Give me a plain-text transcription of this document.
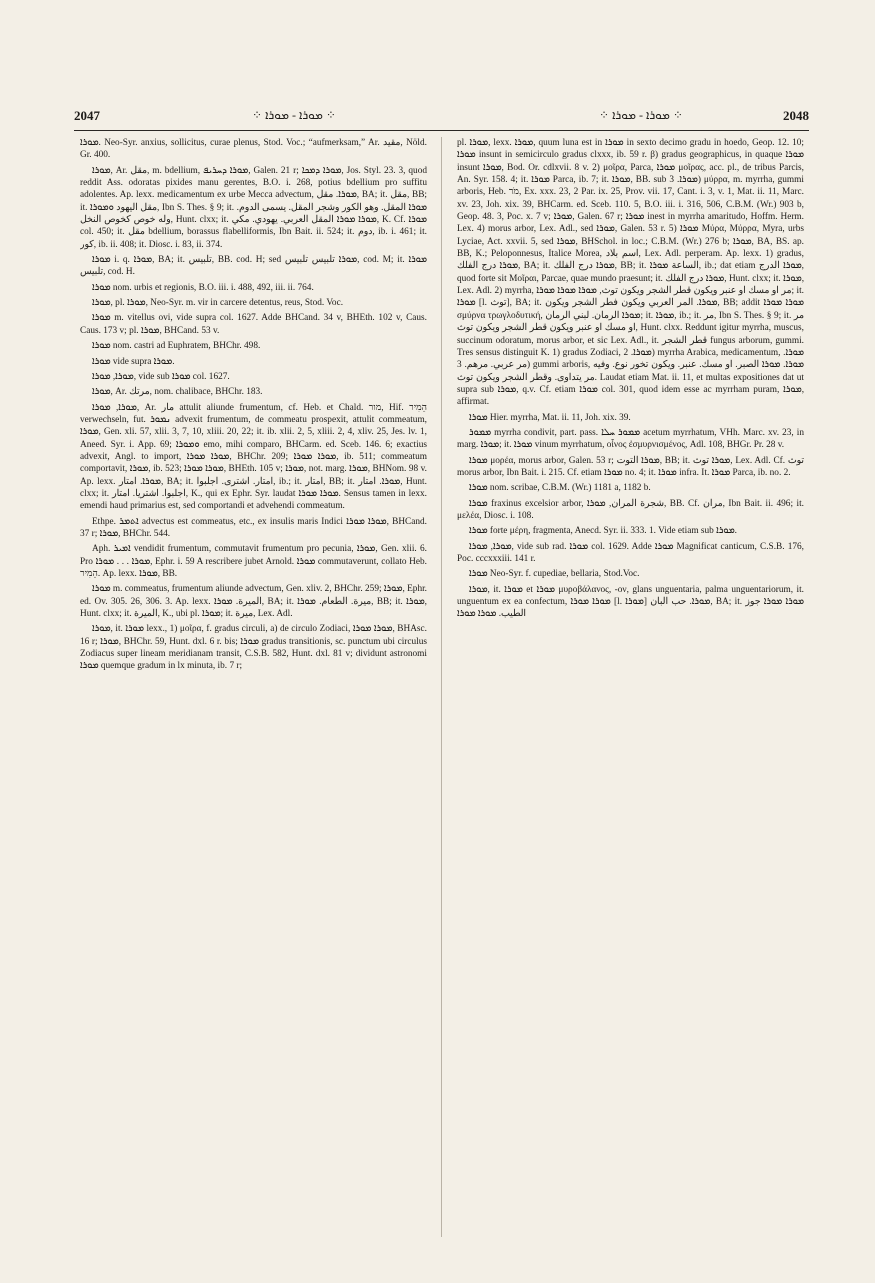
2047	⁘ ܡܘܪܐ - ܡܘܪܐ ⁘	⁘ ܡܘܪܐ - ܡܘܪܐ ⁘	2048

ܡܘܪܐ. Neo-Syr. anxius, sollicitus, curae plenus, Stod. Voc.; “aufmerksam,” Ar. مقيد, Nöld. Gr. 400.

ܡܘܪܐ, Ar. مقل, m. bdellium, ܡܘܪܐ ܕܚܪܝܦ, Galen. 21 r; ܡܘܪܐ ܕܡܟܐ, Jos. Styl. 23. 3, quod reddit Ass. odoratas pixides manu gerentes, B.O. i. 268, potius bdellium pro suffitu adolentes. Ap. lexx. medicamentum ex urbe Mecca advectum, ܡܘܪܐ. مقل, BA; it. مقل, BB; it. مقل اليهود ܘܡܘܪܐ, Ibn S. Thes. § 9; it. ܡܘܪܐ المقل. وهو الكور وشجر المقل. يسمى الدوم. وله خوص كخوص النخل, Hunt. clxx; it. ܡܘܪܐ ܡܘܪܐ المقل العربي. يهودي. مكي, K. Cf. ܡܘܪܐ col. 450; it. مقل bdellium, borassus flabelliformis, Ibn Bait. ii. 524; it. دوم, ib. i. 461; it. كور, ib. ii. 408; it. Diosc. i. 83, ii. 374.

ܡܘܪܐ i. q. ܡܘܪܐ, BA; it. تلبيس, BB. cod. H; sed ܡܘܪܐ تلبيس تلبيس, cod. M; it. ܡܘܪܐ تلبيس, cod. H.

ܡܘܪܐ nom. urbis et regionis, B.O. iii. i. 488, 492, iii. ii. 764.

ܡܘܪܐ, pl. ܡܘܪܐ, Neo-Syr. m. vir in carcere detentus, reus, Stod. Voc.

ܡܘܪܐ m. vitellus ovi, vide supra col. 1627. Adde BHCand. 34 v, BHEth. 102 v, Caus. Caus. 173 v; pl. ܡܘܪܐ, BHCand. 53 v.

ܡܘܪܐ nom. castri ad Euphratem, BHChr. 498.

ܡܘܪܐ vide supra ܡܘܪܐ.

ܡܘܪܐ, ܡܘܪܐ, vide sub ܡܘܪܐ col. 1627.

ܡܘܪܐ, Ar. مرتك, nom. chalibace, BHChr. 183.

ܡܘܪܐ, ܡܘܪܐ, Ar. مار attulit aliunde frumentum, cf. Heb. et Chald. מור, Hif. הֵמִיר verwechseln, fut. ܢܡܘܪ advexit frumentum, de commeatu prospexit, attulit commeatum, ܡܘܪܐ, Gen. xli. 57, xlii. 3, 7, 10, xliii. 20, 22; it. ib. xlii. 2, 5, xliii. 2, 4, xliv. 25, Jes. lv. 1, Aneed. Syr. i. App. 69; ܘܡܘܪܐ emo, mihi comparo, BHCarm. ed. Sceb. 146. 6; exactius advexit, Angl. to import, ܡܘܪܐ ܡܘܪܐ, BHChr. 209; ܡܘܪܐ ܡܘܪܐ, ib. 511; commeatum comportavit, ܡܘܪܐ, ib. 523; ܡܘܪܐ ܡܘܪܐ, BHEth. 105 v; ܡܘܪܐ, not. marg. ܡܘܪܐ, BHNom. 98 v. Ap. lexx. ܡܘܪܐ. امتار, BA; it. امتار. اشتری. اجلبوا, ib.; it. امتار, BB; it. ܡܘܪܐ. امتار, Hunt. clxx; it. اجلبوا. اشتريا. امتار, K., qui ex Ephr. Syr. laudat ܡܘܪܐ ܡܘܪܐ. Sensus tamen in lexx. emendi haud primarius est, sed comportandi et advehendi commeatum.

Ethpe. ܐܬܡܪ advectus est commeatus, etc., ex insulis maris Indici ܡܘܪܐ ܡܘܪܐ, BHCand. 37 r; ܡܘܪܐ, BHChr. 544.

Aph. ܐܡܝܪ vendidit frumentum, commutavit frumentum pro pecunia, ܡܘܪܐ, Gen. xlii. 6. Pro ܡܘܪܐ . . . ܡܘܪܐ, Ephr. i. 59 A rescribere jubet Arnold. ܡܘܪܐ commutaverunt, collato Heb. הֵמִיר. Ap. lexx. ܡܘܪܐ, BB.

ܡܘܪܐ m. commeatus, frumentum aliunde advectum, Gen. xliv. 2, BHChr. 259; ܡܘܪܐ, Ephr. ed. Ov. 305. 26, 306. 3. Ap. lexx. الميرة. ܡܘܪܐ, BA; it. ميرة. الطعام. ܡܘܪܐ, BB; it. ܡܘܪܐ, Hunt. clxx; it. الميرة, K., ubi pl. ܡܘܪܐ; it. ميرة, Lex. Adl.

ܡܘܪܐ, it. ܡܘܪܐ lexx., 1) μοῖρα, f. gradus circuli, a) de circulo Zodiaci, ܡܘܪܐ ܡܘܪܐ, BHAsc. 16 r; ܡܘܪܐ, BHChr. 59, Hunt. dxl. 6 r. bis; ܡܘܪܐ gradus transitionis, sc. punctum ubi circulus Zodiacus super lineam meridianam transit, C.S.B. 582, Hunt. dxl. 81 v; dividunt astronomi ܡܘܪܐ quemque gradum in lx minuta, ib. 7 r;

pl. ܡܘܪܐ, lexx. ܡܘܪܐ, quum luna est in ܡܘܪܐ in sexto decimo gradu in hoedo, Geop. 12. 10; ܡܘܪܐ insunt in semicirculo gradus clxxx, ib. 59 r. β) gradus geographicus, in quaque ܡܘܪܐ insunt ܡܘܪܐ, Bod. Or. cdlxvii. 8 v. 2) μοῖρα, Parca, ܡܘܪܐ μοῖρας, acc. pl., de tribus Parcis, An. Syr. 158. 4; it. ܡܘܪܐ Parca, ib. 7; it. ܡܘܪܐ, BB. sub ܡܘܪܐ. 3) μύρρα, m. myrrha, gummi arboris, Heb. מֹר, Ex. xxx. 23, 2 Par. ix. 25, Prov. vii. 17, Cant. i. 3, v. 1, Mat. ii. 11, Marc. xv. 23, Joh. xix. 39, BHCarm. ed. Sceb. 110. 5, B.O. iii. i. 316, 506, C.B.M. (Wr.) 903 b, Geop. 48. 3, Poc. x. 7 v; ܡܘܪܐ, Galen. 67 r; ܡܘܪܐ inest in myrrha amaritudo, Hoffm. Herm. Lex. 4) morus arbor, Lex. Adl., sed ܡܘܪܐ, Galen. 53 r. 5) ܡܘܪܐ Μύρα, Μύρρα, Myra, urbs Lyciae, Act. xxvii. 5, sed ܡܘܪܐ, BHSchol. in loc.; C.B.M. (Wr.) 276 b; ܡܘܪܐ, BA, BS. ap. BB, K.; Peloponnesus, Italice Morea, اسم بلاد, Lex. Adl. perperam. Ap. lexx. 1) gradus, ܡܘܪܐ درج الفلك, BA; it. ܡܘܪܐ درج الفلك, BB; it. الساعة ܡܘܪܐ, ib.; dat etiam ܡܘܪܐ الدرج, quod forte sit Μοῖραι, Parcae, quae mundo praesunt; it. ܡܘܪܐ درج الفلك, Hunt. clxx; it. ܡܘܪܐ, Lex. Adl. 2) myrrha, مر او مسك او عنبر ويكون قطر الشجر ويكون توث, ܡܘܪܐ ܡܘܪܐ ܡܘܪܐ; it. ܡܘܪܐ [l. توث], BA; it. ܡܘܪܐ. المر العربي ويكون فطر الشجر ويكون, BB; addit ܡܘܪܐ ܡܘܪܐ σμύρνα τρωγλοδυτική, ܡܘܪܐ الرمان. لبني الرمان; it. ܡܘܪܐ, ib.; it. مر, Ibn S. Thes. § 9; it. مر او مسك او عنبر ويكون قطر الشجر ويكون توث, Hunt. clxx. Reddunt igitur myrrha, muscus, succinum odoratum, morus arbor, et sic Lex. Adl., it. قطر الشجر fungus arborum, gummi. Tres sensus distinguit K. 1) gradus Zodiaci, ܡܘܪܐ. 2) myrrha Arabica, medicamentum, ܡܘܪܐ. مر عربي. مرهم. 3) gummi arboris, ܡܘܪܐ. ܡܘܪܐ الصبر. او مسك. عنبر. ويكون تخور نوع. وفيه مر يتداوى. وقطر الشجر ويكون توث. Laudat etiam Mat. ii. 11, et multas expositiones dat ut supra sub ܡܘܪܐ, q.v. Cf. etiam ܡܘܪܐ col. 301, quod idem esse ac myrrham puram, ܡܘܪܐ, affirmat.

ܡܘܪܐ Hier. myrrha, Mat. ii. 11, Joh. xix. 39.

ܡܡܘܪ myrrha condivit, part. pass. ܡܡܘܪ ܚܠܐ acetum myrrhatum, VHh. Marc. xv. 23, in marg. ܡܘܪܐ; it. ܡܘܪܐ vinum myrrhatum, οἶνος ἐσμυρνισμένος, Adl. 108, BHGr. Pr. 28 v.

ܡܘܪܐ μορέα, morus arbor, Galen. 53 r; ܡܘܪܐ التوت, BB; it. ܡܘܪܐ توث, Lex. Adl. Cf. توث morus arbor, Ibn Bait. i. 215. Cf. etiam ܡܘܪܐ no. 4; it. ܡܘܪܐ infra. It. ܡܘܪܐ Parca, ib. no. 2.

ܡܘܪܐ nom. scribae, C.B.M. (Wr.) 1181 a, 1182 b.

ܡܘܪܐ fraxinus excelsior arbor, شجرة المران, ܡܘܪܐ, BB. Cf. مران, Ibn Bait. ii. 496; it. μελέα, Diosc. i. 108.

ܡܘܪܐ forte μέρη, fragmenta, Anecd. Syr. ii. 333. 1. Vide etiam sub ܡܘܪܐ.

ܡܘܪܐ, ܡܘܪܐ, vide sub rad. ܡܘܪܐ col. 1629. Adde ܡܘܪܐ Magnificat canticum, C.S.B. 176, Poc. cccxxxiii. 141 r.

ܡܘܪܐ Neo-Syr. f. cupediae, bellaria, Stod.Voc.

ܡܘܪܐ, it. ܡܘܪܐ et ܡܘܪܐ μυροβάλανος, -ον, glans unguentaria, palma unguentariorum, it. unguentum ex ea confectum, ܡܘܪܐ ܡܘܪܐ [l. ܡܘܪܐ] ܡܘܪܐ. حب البان, BA; it. ܡܘܪܐ ܡܘܪܐ جوز الطيب. ܡܘܪܐ ܡܘܪܐ
